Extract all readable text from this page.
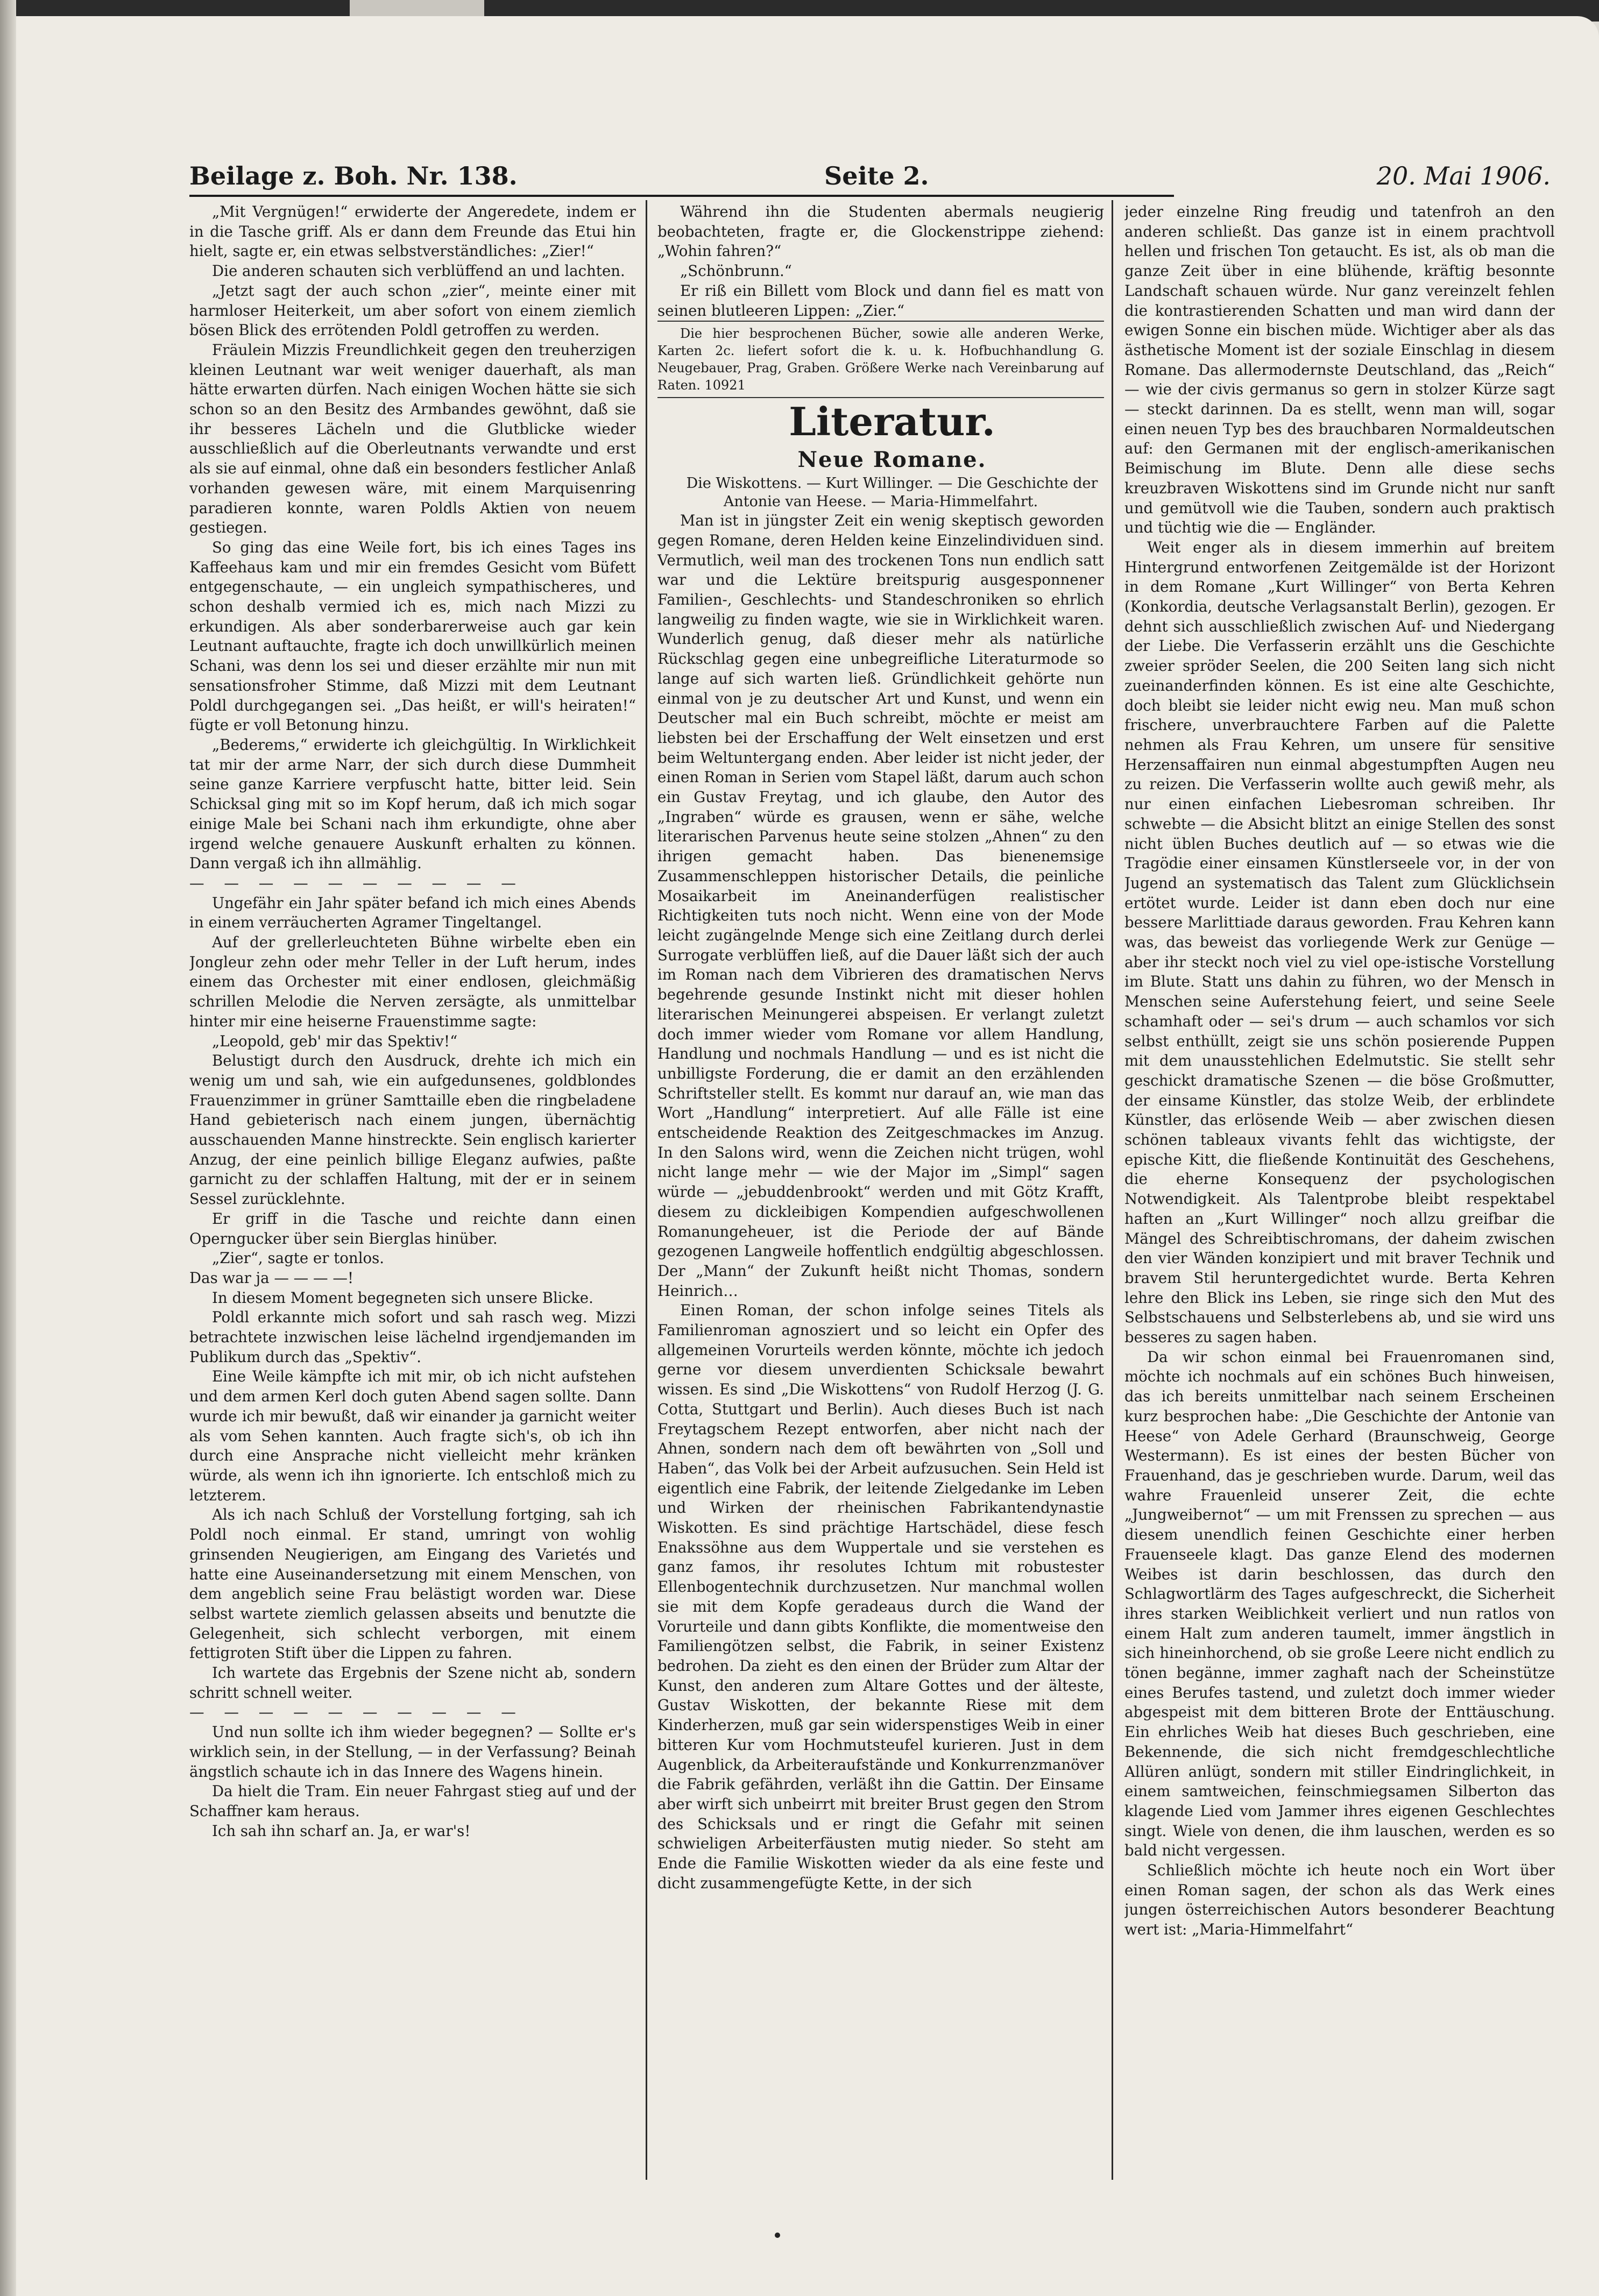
Beilage z. Boh. Nr. 138.	Seite 2.	20. Mai 1906.

„Mit Vergnügen!“ erwiderte der Angeredete, indem er in die Tasche griff. Als er dann dem Freunde das Etui hin hielt, sagte er, ein etwas selbstverständliches: „Zier!“

Die anderen schauten sich verblüffend an und lachten.

„Jetzt sagt der auch schon „zier“, meinte einer mit harmloser Heiterkeit, um aber sofort von einem ziemlich bösen Blick des errötenden Poldl getroffen zu werden.

Fräulein Mizzis Freundlichkeit gegen den treuherzigen kleinen Leutnant war weit weniger dauerhaft, als man hätte erwarten dürfen. Nach einigen Wochen hätte sie sich schon so an den Besitz des Armbandes gewöhnt, daß sie ihr besseres Lächeln und die Glutblicke wieder ausschließlich auf die Oberleutnants verwandte und erst als sie auf einmal, ohne daß ein besonders festlicher Anlaß vorhanden gewesen wäre, mit einem Marquisenring paradieren konnte, waren Poldls Aktien von neuem gestiegen.

So ging das eine Weile fort, bis ich eines Tages ins Kaffeehaus kam und mir ein fremdes Gesicht vom Büfett entgegenschaute, — ein ungleich sympathischeres, und schon deshalb vermied ich es, mich nach Mizzi zu erkundigen. Als aber sonderbarerweise auch gar kein Leutnant auftauchte, fragte ich doch unwillkürlich meinen Schani, was denn los sei und dieser erzählte mir nun mit sensationsfroher Stimme, daß Mizzi mit dem Leutnant Poldl durchgegangen sei. „Das heißt, er will's heiraten!“ fügte er voll Betonung hinzu.

„Bederems,“ erwiderte ich gleichgültig. In Wirklichkeit tat mir der arme Narr, der sich durch diese Dummheit seine ganze Karriere verpfuscht hatte, bitter leid. Sein Schicksal ging mit so im Kopf herum, daß ich mich sogar einige Male bei Schani nach ihm erkundigte, ohne aber irgend welche genauere Auskunft erhalten zu können. Dann vergaß ich ihn allmählig.

— — — — — — — — — —

Ungefähr ein Jahr später befand ich mich eines Abends in einem verräucherten Agramer Tingeltangel.

Auf der grellerleuchteten Bühne wirbelte eben ein Jongleur zehn oder mehr Teller in der Luft herum, indes einem das Orchester mit einer endlosen, gleichmäßig schrillen Melodie die Nerven zersägte, als unmittelbar hinter mir eine heiserne Frauenstimme sagte:

„Leopold, geb' mir das Spektiv!“

Belustigt durch den Ausdruck, drehte ich mich ein wenig um und sah, wie ein aufgedunsenes, goldblondes Frauenzimmer in grüner Samttaille eben die ringbeladene Hand gebieterisch nach einem jungen, übernächtig ausschauenden Manne hinstreckte. Sein englisch karierter Anzug, der eine peinlich billige Eleganz aufwies, paßte garnicht zu der schlaffen Haltung, mit der er in seinem Sessel zurücklehnte.

Er griff in die Tasche und reichte dann einen Operngucker über sein Bierglas hinüber.

„Zier“, sagte er tonlos.

Das war ja — — — —!

In diesem Moment begegneten sich unsere Blicke.

Poldl erkannte mich sofort und sah rasch weg. Mizzi betrachtete inzwischen leise lächelnd irgendjemanden im Publikum durch das „Spektiv“.

Eine Weile kämpfte ich mit mir, ob ich nicht aufstehen und dem armen Kerl doch guten Abend sagen sollte. Dann wurde ich mir bewußt, daß wir einander ja garnicht weiter als vom Sehen kannten. Auch fragte sich's, ob ich ihn durch eine Ansprache nicht vielleicht mehr kränken würde, als wenn ich ihn ignorierte. Ich entschloß mich zu letzterem.

Als ich nach Schluß der Vorstellung fortging, sah ich Poldl noch einmal. Er stand, umringt von wohlig grinsenden Neugierigen, am Eingang des Varietés und hatte eine Auseinandersetzung mit einem Menschen, von dem angeblich seine Frau belästigt worden war. Diese selbst wartete ziemlich gelassen abseits und benutzte die Gelegenheit, sich schlecht verborgen, mit einem fettigroten Stift über die Lippen zu fahren.

Ich wartete das Ergebnis der Szene nicht ab, sondern schritt schnell weiter.

— — — — — — — — — —

Und nun sollte ich ihm wieder begegnen? — Sollte er's wirklich sein, in der Stellung, — in der Verfassung? Beinah ängstlich schaute ich in das Innere des Wagens hinein.

Da hielt die Tram. Ein neuer Fahrgast stieg auf und der Schaffner kam heraus.

Ich sah ihn scharf an. Ja, er war's!

Während ihn die Studenten abermals neugierig beobachteten, fragte er, die Glockenstrippe ziehend: „Wohin fahren?“

„Schönbrunn.“

Er riß ein Billett vom Block und dann fiel es matt von seinen blutleeren Lippen: „Zier.“

Die hier besprochenen Bücher, sowie alle anderen Werke, Karten 2c. liefert sofort die k. u. k. Hofbuchhandlung G. Neugebauer, Prag, Graben. Größere Werke nach Vereinbarung auf Raten. 10921

Literatur.

Neue Romane.

Die Wiskottens. — Kurt Willinger. — Die Geschichte der Antonie van Heese. — Maria-Himmelfahrt.

Man ist in jüngster Zeit ein wenig skeptisch geworden gegen Romane, deren Helden keine Einzelindividuen sind. Vermutlich, weil man des trockenen Tons nun endlich satt war und die Lektüre breitspurig ausgesponnener Familien-, Geschlechts- und Standeschroniken so ehrlich langweilig zu finden wagte, wie sie in Wirklichkeit waren. Wunderlich genug, daß dieser mehr als natürliche Rückschlag gegen eine unbegreifliche Literaturmode so lange auf sich warten ließ. Gründlichkeit gehörte nun einmal von je zu deutscher Art und Kunst, und wenn ein Deutscher mal ein Buch schreibt, möchte er meist am liebsten bei der Erschaffung der Welt einsetzen und erst beim Weltuntergang enden. Aber leider ist nicht jeder, der einen Roman in Serien vom Stapel läßt, darum auch schon ein Gustav Freytag, und ich glaube, den Autor des „Ingraben“ würde es grausen, wenn er sähe, welche literarischen Parvenus heute seine stolzen „Ahnen“ zu den ihrigen gemacht haben. Das bienenemsige Zusammenschleppen historischer Details, die peinliche Mosaikarbeit im Aneinanderfügen realistischer Richtigkeiten tuts noch nicht. Wenn eine von der Mode leicht zugängelnde Menge sich eine Zeitlang durch derlei Surrogate verblüffen ließ, auf die Dauer läßt sich der auch im Roman nach dem Vibrieren des dramatischen Nervs begehrende gesunde Instinkt nicht mit dieser hohlen literarischen Meinungerei abspeisen. Er verlangt zuletzt doch immer wieder vom Romane vor allem Handlung, Handlung und nochmals Handlung — und es ist nicht die unbilligste Forderung, die er damit an den erzählenden Schriftsteller stellt. Es kommt nur darauf an, wie man das Wort „Handlung“ interpretiert. Auf alle Fälle ist eine entscheidende Reaktion des Zeitgeschmackes im Anzug. In den Salons wird, wenn die Zeichen nicht trügen, wohl nicht lange mehr — wie der Major im „Simpl“ sagen würde — „jebuddenbrookt“ werden und mit Götz Krafft, diesem zu dickleibigen Kompendien aufgeschwollenen Romanungeheuer, ist die Periode der auf Bände gezogenen Langweile hoffentlich endgültig abgeschlossen. Der „Mann“ der Zukunft heißt nicht Thomas, sondern Heinrich…

Einen Roman, der schon infolge seines Titels als Familienroman agnosziert und so leicht ein Opfer des allgemeinen Vorurteils werden könnte, möchte ich jedoch gerne vor diesem unverdienten Schicksale bewahrt wissen. Es sind „Die Wiskottens“ von Rudolf Herzog (J. G. Cotta, Stuttgart und Berlin). Auch dieses Buch ist nach Freytagschem Rezept entworfen, aber nicht nach der Ahnen, sondern nach dem oft bewährten von „Soll und Haben“, das Volk bei der Arbeit aufzusuchen. Sein Held ist eigentlich eine Fabrik, der leitende Zielgedanke im Leben und Wirken der rheinischen Fabrikantendynastie Wiskotten. Es sind prächtige Hartschädel, diese fesch Enakssöhne aus dem Wuppertale und sie verstehen es ganz famos, ihr resolutes Ichtum mit robustester Ellenbogentechnik durchzusetzen. Nur manchmal wollen sie mit dem Kopfe geradeaus durch die Wand der Vorurteile und dann gibts Konflikte, die momentweise den Familiengötzen selbst, die Fabrik, in seiner Existenz bedrohen. Da zieht es den einen der Brüder zum Altar der Kunst, den anderen zum Altare Gottes und der älteste, Gustav Wiskotten, der bekannte Riese mit dem Kinderherzen, muß gar sein widerspenstiges Weib in einer bitteren Kur vom Hochmutsteufel kurieren. Just in dem Augenblick, da Arbeiteraufstände und Konkurrenzmanöver die Fabrik gefährden, verläßt ihn die Gattin. Der Einsame aber wirft sich unbeirrt mit breiter Brust gegen den Strom des Schicksals und er ringt die Gefahr mit seinen schwieligen Arbeiterfäusten mutig nieder. So steht am Ende die Familie Wiskotten wieder da als eine feste und dicht zusammengefügte Kette, in der sich

jeder einzelne Ring freudig und tatenfroh an den anderen schließt. Das ganze ist in einem prachtvoll hellen und frischen Ton getaucht. Es ist, als ob man die ganze Zeit über in eine blühende, kräftig besonnte Landschaft schauen würde. Nur ganz vereinzelt fehlen die kontrastierenden Schatten und man wird dann der ewigen Sonne ein bischen müde. Wichtiger aber als das ästhetische Moment ist der soziale Einschlag in diesem Romane. Das allermodernste Deutschland, das „Reich“ — wie der civis germanus so gern in stolzer Kürze sagt — steckt darinnen. Da es stellt, wenn man will, sogar einen neuen Typ bes des brauchbaren Normaldeutschen auf: den Germanen mit der englisch-amerikanischen Beimischung im Blute. Denn alle diese sechs kreuzbraven Wiskottens sind im Grunde nicht nur sanft und gemütvoll wie die Tauben, sondern auch praktisch und tüchtig wie die — Engländer.

Weit enger als in diesem immerhin auf breitem Hintergrund entworfenen Zeitgemälde ist der Horizont in dem Romane „Kurt Willinger“ von Berta Kehren (Konkordia, deutsche Verlagsanstalt Berlin), gezogen. Er dehnt sich ausschließlich zwischen Auf- und Niedergang der Liebe. Die Verfasserin erzählt uns die Geschichte zweier spröder Seelen, die 200 Seiten lang sich nicht zueinanderfinden können. Es ist eine alte Geschichte, doch bleibt sie leider nicht ewig neu. Man muß schon frischere, unverbrauchtere Farben auf die Palette nehmen als Frau Kehren, um unsere für sensitive Herzensaffairen nun einmal abgestumpften Augen neu zu reizen. Die Verfasserin wollte auch gewiß mehr, als nur einen einfachen Liebesroman schreiben. Ihr schwebte — die Absicht blitzt an einige Stellen des sonst nicht üblen Buches deutlich auf — so etwas wie die Tragödie einer einsamen Künstlerseele vor, in der von Jugend an systematisch das Talent zum Glücklichsein ertötet wurde. Leider ist dann eben doch nur eine bessere Marlittiade daraus geworden. Frau Kehren kann was, das beweist das vorliegende Werk zur Genüge — aber ihr steckt noch viel zu viel ope-istische Vorstellung im Blute. Statt uns dahin zu führen, wo der Mensch in Menschen seine Auferstehung feiert, und seine Seele schamhaft oder — sei's drum — auch schamlos vor sich selbst enthüllt, zeigt sie uns schön posierende Puppen mit dem unausstehlichen Edelmutstic. Sie stellt sehr geschickt dramatische Szenen — die böse Großmutter, der einsame Künstler, das stolze Weib, der erblindete Künstler, das erlösende Weib — aber zwischen diesen schönen tableaux vivants fehlt das wichtigste, der epische Kitt, die fließende Kontinuität des Geschehens, die eherne Konsequenz der psychologischen Notwendigkeit. Als Talentprobe bleibt respektabel haften an „Kurt Willinger“ noch allzu greifbar die Mängel des Schreibtischromans, der daheim zwischen den vier Wänden konzipiert und mit braver Technik und bravem Stil heruntergedichtet wurde. Berta Kehren lehre den Blick ins Leben, sie ringe sich den Mut des Selbstschauens und Selbsterlebens ab, und sie wird uns besseres zu sagen haben.

Da wir schon einmal bei Frauenromanen sind, möchte ich nochmals auf ein schönes Buch hinweisen, das ich bereits unmittelbar nach seinem Erscheinen kurz besprochen habe: „Die Geschichte der Antonie van Heese“ von Adele Gerhard (Braunschweig, George Westermann). Es ist eines der besten Bücher von Frauenhand, das je geschrieben wurde. Darum, weil das wahre Frauenleid unserer Zeit, die echte „Jungweibernot“ — um mit Frenssen zu sprechen — aus diesem unendlich feinen Geschichte einer herben Frauenseele klagt. Das ganze Elend des modernen Weibes ist darin beschlossen, das durch den Schlagwortlärm des Tages aufgeschreckt, die Sicherheit ihres starken Weiblichkeit verliert und nun ratlos von einem Halt zum anderen taumelt, immer ängstlich in sich hineinhorchend, ob sie große Leere nicht endlich zu tönen begänne, immer zaghaft nach der Scheinstütze eines Berufes tastend, und zuletzt doch immer wieder abgespeist mit dem bitteren Brote der Enttäuschung. Ein ehrliches Weib hat dieses Buch geschrieben, eine Bekennende, die sich nicht fremdgeschlechtliche Allüren anlügt, sondern mit stiller Eindringlichkeit, in einem samtweichen, feinschmiegsamen Silberton das klagende Lied vom Jammer ihres eigenen Geschlechtes singt. Wiele von denen, die ihm lauschen, werden es so bald nicht vergessen.

Schließlich möchte ich heute noch ein Wort über einen Roman sagen, der schon als das Werk eines jungen österreichischen Autors besonderer Beachtung wert ist: „Maria-Himmelfahrt“
